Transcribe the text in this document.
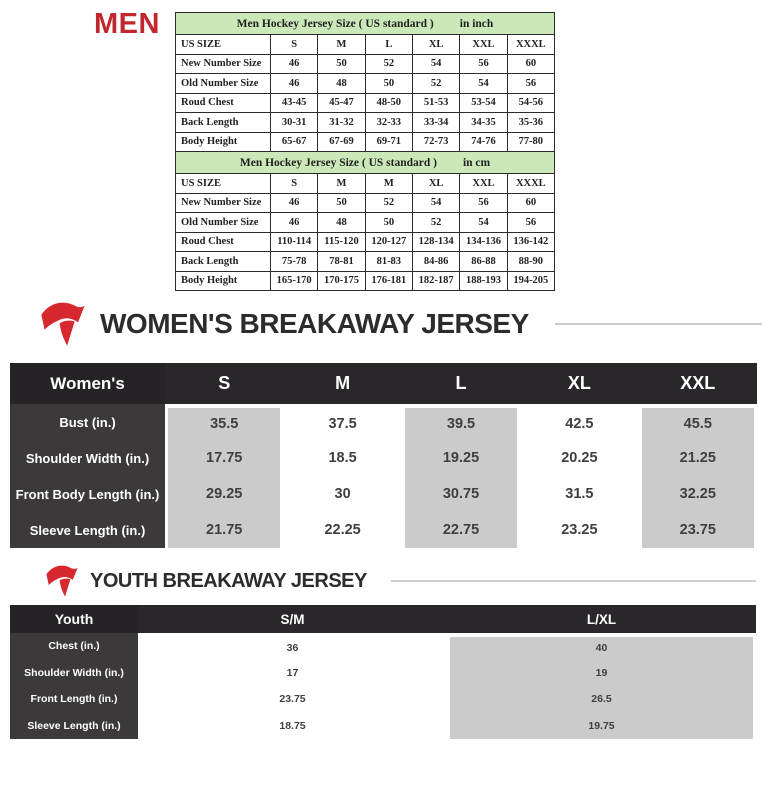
MEN	Men Hockey Jersey Size ( US standard ) in inch						

US SIZE	S	M	L	XL	XXL	XXXL
New Number Size	46	50	52	54	56	60
Old Number Size	46	48	50	52	54	56
Roud Chest	43-45	45-47	48-50	51-53	53-54	54-56
Back Length	30-31	31-32	32-33	33-34	34-35	35-36
Body Height	65-67	67-69	69-71	72-73	74-76	77-80
Men Hockey Jersey Size ( US standard ) in cm						

US SIZE	S	M	M	XL	XXL	XXXL
New Number Size	46	50	52	54	56	60
Old Number Size	46	48	50	52	54	56
Roud Chest	110-114	115-120	120-127	128-134	134-136	136-142
Back Length	75-78	78-81	81-83	84-86	86-88	88-90
Body Height	165-170	170-175	176-181	182-187	188-193	194-205
WOMEN'S BREAKAWAY JERSEY
Women's	S	M	L	XL	XXL
Bust (in.)	35.5	37.5	39.5	42.5	45.5
Shoulder Width (in.)	17.75	18.5	19.25	20.25	21.25
Front Body Length (in.)	29.25	30	30.75	31.5	32.25
Sleeve Length (in.)	21.75	22.25	22.75	23.25	23.75
YOUTH BREAKAWAY JERSEY
Youth	S/M	L/XL
Chest (in.)	36	40
Shoulder Width (in.)	17	19
Front Length (in.)	23.75	26.5
Sleeve Length (in.)	18.75	19.75
